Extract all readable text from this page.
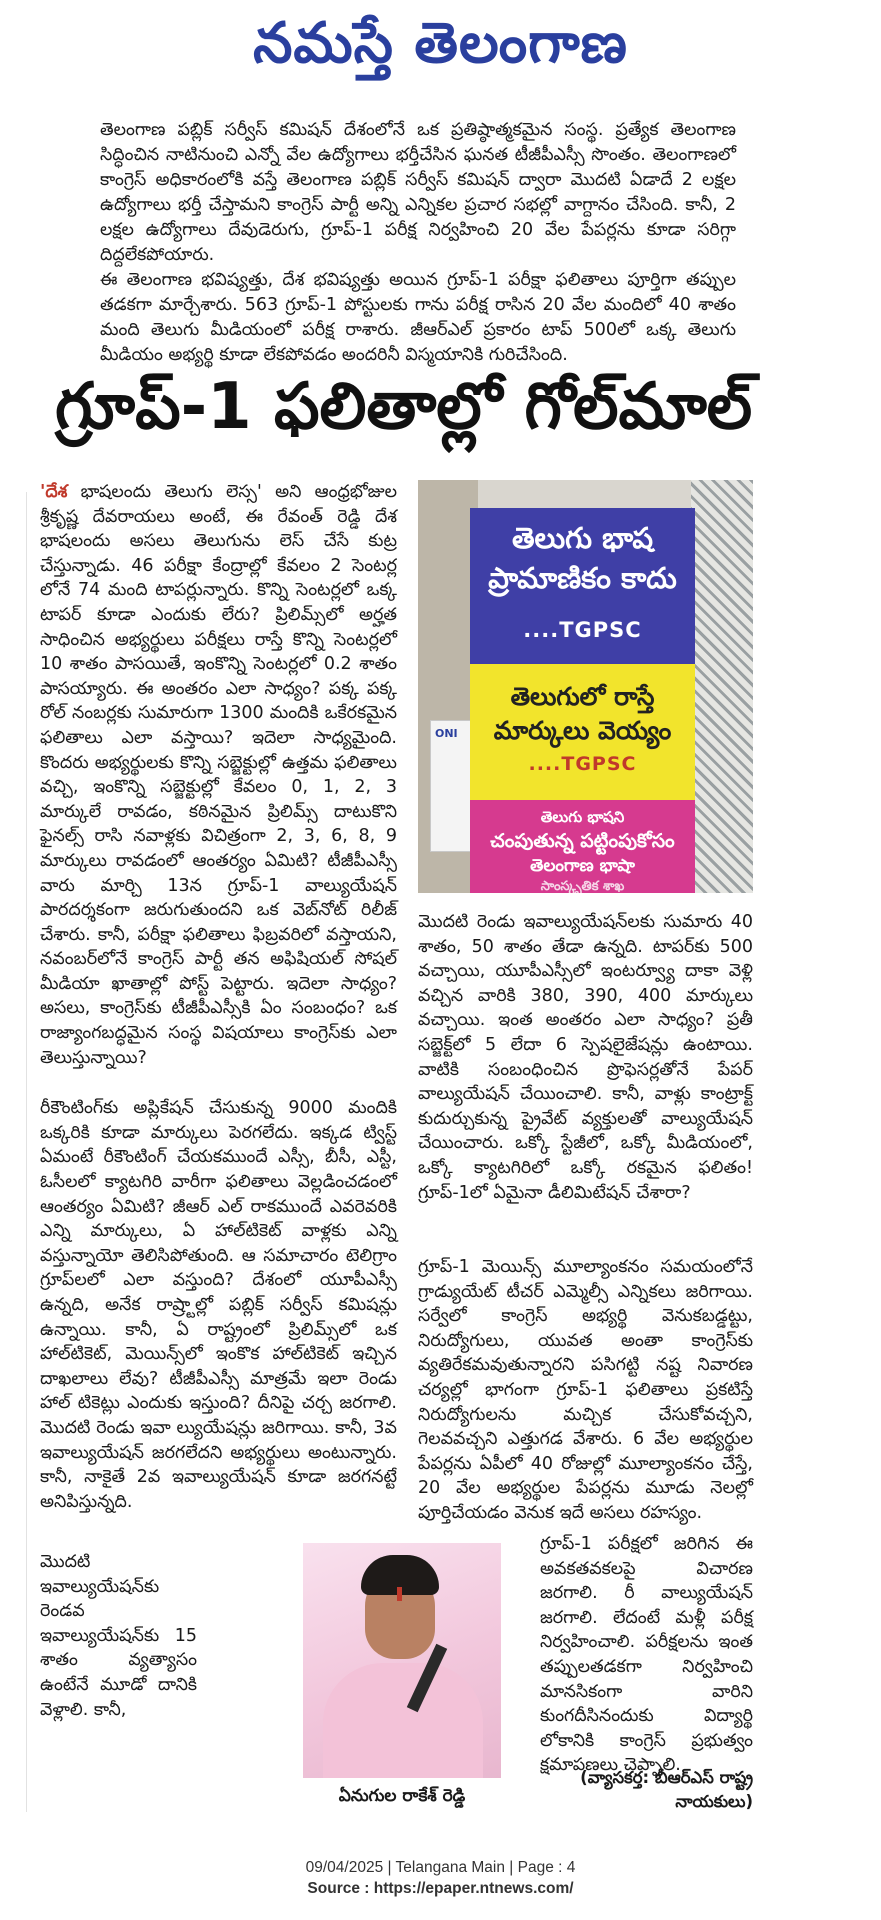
నమస్తే తెలంగాణ

తెలంగాణ పబ్లిక్ సర్వీస్ కమిషన్ దేశంలోనే ఒక ప్రతిష్ఠాత్మకమైన సంస్థ. ప్రత్యేక తెలంగాణ సిద్ధించిన నాటినుంచి ఎన్నో వేల ఉద్యోగాలు భర్తీచేసిన ఘనత టీజీపీఎస్సీ సొంతం. తెలంగాణలో కాంగ్రెస్ అధికారంలోకి వస్తే తెలంగాణ పబ్లిక్ సర్వీస్ కమిషన్ ద్వారా మొదటి ఏడాదే 2 లక్షల ఉద్యోగాలు భర్తీ చేస్తామని కాంగ్రెస్ పార్టీ అన్ని ఎన్నికల ప్రచార సభల్లో వాగ్దానం చేసింది. కానీ, 2 లక్షల ఉద్యోగాలు దేవుడెరుగు, గ్రూప్-1 పరీక్ష నిర్వహించి 20 వేల పేపర్లను కూడా సరిగ్గా దిద్దలేకపోయారు.

ఈ తెలంగాణ భవిష్యత్తు, దేశ భవిష్యత్తు అయిన గ్రూప్-1 పరీక్షా ఫలితాలు పూర్తిగా తప్పుల తడకగా మార్చేశారు. 563 గ్రూప్-1 పోస్టులకు గాను పరీక్ష రాసిన 20 వేల మందిలో 40 శాతం మంది తెలుగు మీడియంలో పరీక్ష రాశారు. జీఆర్‌ఎల్ ప్రకారం టాప్ 500లో ఒక్క తెలుగు మీడియం అభ్యర్థి కూడా లేకపోవడం అందరినీ విస్మయానికి గురిచేసింది.

గ్రూప్-1 ఫలితాల్లో గోల్‌మాల్

'దేశ భాషలందు తెలుగు లెస్స' అని ఆంధ్రభోజుల శ్రీకృష్ణ దేవరాయలు అంటే, ఈ రేవంత్ రెడ్డి దేశ భాషలందు అసలు తెలుగును లెస్ చేసే కుట్ర చేస్తున్నాడు. 46 పరీక్షా కేంద్రాల్లో కేవలం 2 సెంటర్ల లోనే 74 మంది టాపర్లున్నారు. కొన్ని సెంటర్లలో ఒక్క టాపర్ కూడా ఎందుకు లేరు? ప్రిలిమ్స్‌లో అర్హత సాధించిన అభ్యర్థులు పరీక్షలు రాస్తే కొన్ని సెంటర్లలో 10 శాతం పాసయితే, ఇంకొన్ని సెంటర్లలో 0.2 శాతం పాసయ్యారు. ఈ అంతరం ఎలా సాధ్యం? పక్క పక్క రోల్ నంబర్లకు సుమారుగా 1300 మందికి ఒకేరకమైన ఫలితాలు ఎలా వస్తాయి? ఇదెలా సాధ్యమైంది. కొందరు అభ్యర్థులకు కొన్ని సబ్జెక్టుల్లో ఉత్తమ ఫలితాలు వచ్చి, ఇంకొన్ని సబ్జెక్టుల్లో కేవలం 0, 1, 2, 3 మార్కులే రావడం, కఠినమైన ప్రిలిమ్స్ దాటుకొని ఫైనల్స్ రాసి నవాళ్లకు విచిత్రంగా 2, 3, 6, 8, 9 మార్కులు రావడంలో ఆంతర్యం ఏమిటి? టీజీపీఎస్సీ వారు మార్చి 13న గ్రూప్-1 వాల్యుయేషన్ పారదర్శకంగా జరుగుతుందని ఒక వెబ్‌నోట్ రిలీజ్ చేశారు. కానీ, పరీక్షా ఫలితాలు ఫిబ్రవరిలో వస్తాయని, నవంబర్‌లోనే కాంగ్రెస్ పార్టీ తన అఫిషియల్ సోషల్ మీడియా ఖాతాల్లో పోస్ట్ పెట్టారు. ఇదెలా సాధ్యం? అసలు, కాంగ్రెస్‌కు టీజీపీఎస్సీకి ఏం సంబంధం? ఒక రాజ్యాంగబద్ధమైన సంస్థ విషయాలు కాంగ్రెస్‌కు ఎలా తెలుస్తున్నాయి?

రీకౌంటింగ్‌కు అప్లికేషన్ చేసుకున్న 9000 మందికి ఒక్కరికి కూడా మార్కులు పెరగలేదు. ఇక్కడ ట్విస్ట్ ఏమంటే రీకౌంటింగ్ చేయకముందే ఎస్సీ, బీసీ, ఎస్టీ, ఓసీలలో క్యాటగిరి వారీగా ఫలితాలు వెల్లడించడంలో ఆంతర్యం ఏమిటి? జీఆర్ ఎల్ రాకముందే ఎవరెవరికి ఎన్ని మార్కులు, ఏ హాల్‌టికెట్ వాళ్లకు ఎన్ని వస్తున్నాయో తెలిసిపోతుంది. ఆ సమాచారం టెలిగ్రాం గ్రూప్‌లలో ఎలా వస్తుంది? దేశంలో యూపీఎస్సీ ఉన్నది, అనేక రాష్ర్టాల్లో పబ్లిక్ సర్వీస్ కమిషన్లు ఉన్నాయి. కానీ, ఏ రాష్ట్రంలో ప్రిలిమ్స్‌లో ఒక హాల్‌టికెట్, మెయిన్స్‌లో ఇంకొక హాల్‌టికెట్ ఇచ్చిన దాఖలాలు లేవు? టీజీపీఎస్సీ మాత్రమే ఇలా రెండు హాల్ టికెట్లు ఎందుకు ఇస్తుంది? దీనిపై చర్చ జరగాలి. మొదటి రెండు ఇవా ల్యుయేషన్లు జరిగాయి. కానీ, 3వ ఇవాల్యుయేషన్ జరగలేదని అభ్యర్థులు అంటున్నారు. కానీ, నాకైతే 2వ ఇవాల్యుయేషన్ కూడా జరగనట్టే అనిపిస్తున్నది.

మొదటి ఇవాల్యుయేషన్‌కు రెండవ ఇవాల్యుయేషన్‌కు 15 శాతం వ్యత్యాసం ఉంటేనే మూడో దానికి వెళ్లాలి. కానీ,

ONI
తెలుగు భాష
ప్రామాణికం కాదు
....TGPSC
తెలుగులో రాస్తే
మార్కులు వెయ్యం
....TGPSC
తెలుగు భాషని
చంపుతున్న పట్టింపుకోసం
తెలంగాణ భాషా
సాంస్కృతిక శాఖ

మొదటి రెండు ఇవాల్యుయేషన్‌లకు సుమారు 40 శాతం, 50 శాతం తేడా ఉన్నది. టాపర్‌కు 500 వచ్చాయి, యూపీఎస్సీలో ఇంటర్వ్యూ దాకా వెళ్లి వచ్చిన వారికి 380, 390, 400 మార్కులు వచ్చాయి. ఇంత అంతరం ఎలా సాధ్యం? ప్రతీ సబ్జెక్ట్‌లో 5 లేదా 6 స్పెషలైజేషన్లు ఉంటాయి. వాటికి సంబంధించిన ప్రొఫెసర్లతోనే పేపర్ వాల్యుయేషన్ చేయించాలి. కానీ, వాళ్లు కాంట్రాక్ట్ కుదుర్చుకున్న ప్రైవేట్ వ్యక్తులతో వాల్యుయేషన్ చేయించారు. ఒక్కో స్టేజీలో, ఒక్కో మీడియంలో, ఒక్కో క్యాటగిరిలో ఒక్కో రకమైన ఫలితం! గ్రూప్-1లో ఏమైనా డీలిమిటేషన్ చేశారా?

గ్రూప్-1 మెయిన్స్ మూల్యాంకనం సమయంలోనే గ్రాడ్యుయేట్ టీచర్ ఎమ్మెల్సీ ఎన్నికలు జరిగాయి. సర్వేలో కాంగ్రెస్ అభ్యర్థి వెనుకబడ్డట్టు, నిరుద్యోగులు, యువత అంతా కాంగ్రెస్‌కు వ్యతిరేకమవుతున్నారని పసిగట్టి నష్ట నివారణ చర్యల్లో భాగంగా గ్రూప్-1 ఫలితాలు ప్రకటిస్తే నిరుద్యోగులను మచ్చిక చేసుకోవచ్చని, గెలవవచ్చని ఎత్తుగడ వేశారు. 6 వేల అభ్యర్థుల పేపర్లను ఏపీలో 40 రోజుల్లో మూల్యాంకనం చేస్తే, 20 వేల అభ్యర్థుల పేపర్లను మూడు నెలల్లో పూర్తిచేయడం వెనుక ఇదే అసలు రహస్యం.

ఏనుగుల రాకేశ్ రెడ్డి

గ్రూప్-1 పరీక్షలో జరిగిన ఈ అవకతవకలపై విచారణ జరగాలి. రీ వాల్యుయేషన్ జరగాలి. లేదంటే మళ్లీ పరీక్ష నిర్వహించాలి. పరీక్షలను ఇంత తప్పులతడకగా నిర్వహించి మానసికంగా వారిని కుంగదీసినందుకు విద్యార్థి లోకానికి కాంగ్రెస్ ప్రభుత్వం క్షమాపణలు చెప్పాలి.

(వ్యాసకర్త: బీఆర్ఎస్ రాష్ట్ర
నాయకులు)
09/04/2025 | Telangana Main | Page : 4
Source : https://epaper.ntnews.com/
